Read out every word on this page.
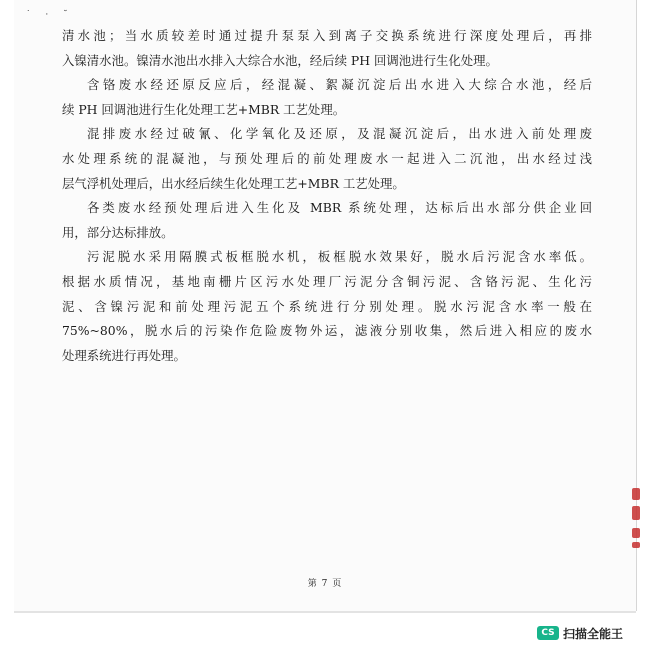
˙ · ˘
清水池；当水质较差时通过提升泵泵入到离子交换系统进行深度处理后，再排
入镍清水池。镍清水池出水排入大综合水池，经后续 PH 回调池进行生化处理。
含铬废水经还原反应后，经混凝、絮凝沉淀后出水进入大综合水池，经后
续 PH 回调池进行生化处理工艺+MBR 工艺处理。
混排废水经过破氰、化学氧化及还原，及混凝沉淀后，出水进入前处理废
水处理系统的混凝池，与预处理后的前处理废水一起进入二沉池，出水经过浅
层气浮机处理后，出水经后续生化处理工艺+MBR 工艺处理。
各类废水经预处理后进入生化及 MBR 系统处理，达标后出水部分供企业回
用，部分达标排放。
污泥脱水采用隔膜式板框脱水机，板框脱水效果好，脱水后污泥含水率低。
根据水质情况，基地南栅片区污水处理厂污泥分含铜污泥、含铬污泥、生化污
泥、含镍污泥和前处理污泥五个系统进行分别处理。脱水污泥含水率一般在
75%~80%，脱水后的污染作危险废物外运，滤液分别收集，然后进入相应的废水
处理系统进行再处理。
第 7 页
CS 扫描全能王
